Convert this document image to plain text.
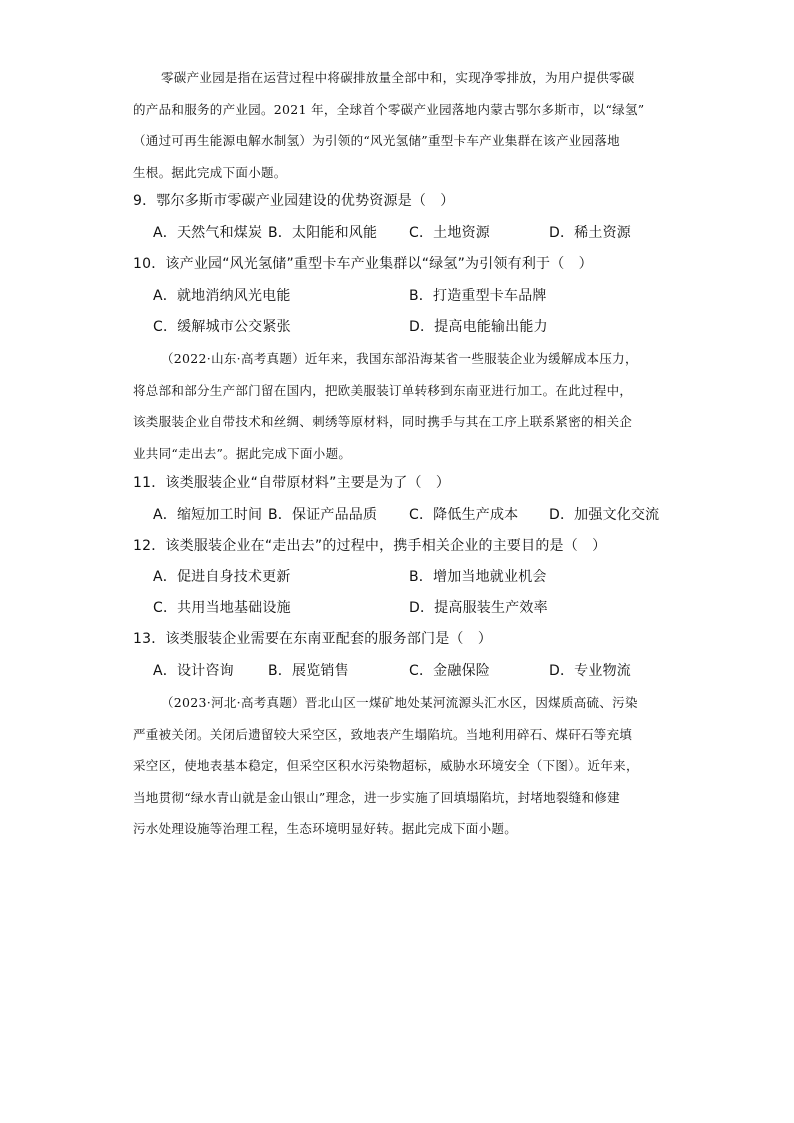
零碳产业园是指在运营过程中将碳排放量全部中和，实现净零排放，为用户提供零碳
的产品和服务的产业园。2021 年，全球首个零碳产业园落地内蒙古鄂尔多斯市，以“绿氢”
（通过可再生能源电解水制氢）为引领的“风光氢储”重型卡车产业集群在该产业园落地
生根。据此完成下面小题。
9．鄂尔多斯市零碳产业园建设的优势资源是（　）
A．天然气和煤炭 B．太阳能和风能 C．土地资源	D．稀土资源
10．该产业园“风光氢储”重型卡车产业集群以“绿氢”为引领有利于（　）
A．就地消纳风光电能	B．打造重型卡车品牌
C．缓解城市公交紧张	D．提高电能输出能力
（2022·山东·高考真题）近年来，我国东部沿海某省一些服装企业为缓解成本压力，
将总部和部分生产部门留在国内，把欧美服装订单转移到东南亚进行加工。在此过程中，
该类服装企业自带技术和丝绸、刺绣等原材料，同时携手与其在工序上联系紧密的相关企
业共同“走出去”。据此完成下面小题。
11．该类服装企业“自带原材料”主要是为了（　）
A．缩短加工时间 B．保证产品品质 C．降低生产成本 D．加强文化交流
12．该类服装企业在“走出去”的过程中，携手相关企业的主要目的是（　）
A．促进自身技术更新	B．增加当地就业机会
C．共用当地基础设施	D．提高服装生产效率
13．该类服装企业需要在东南亚配套的服务部门是（　）
A．设计咨询 B．展览销售	C．金融保险	D．专业物流
（2023·河北·高考真题）晋北山区一煤矿地处某河流源头汇水区，因煤质高硫、污染
严重被关闭。关闭后遗留较大采空区，致地表产生塌陷坑。当地利用碎石、煤矸石等充填
采空区，使地表基本稳定，但采空区积水污染物超标，威胁水环境安全（下图）。近年来，
当地贯彻“绿水青山就是金山银山”理念，进一步实施了回填塌陷坑，封堵地裂缝和修建
污水处理设施等治理工程，生态环境明显好转。据此完成下面小题。
